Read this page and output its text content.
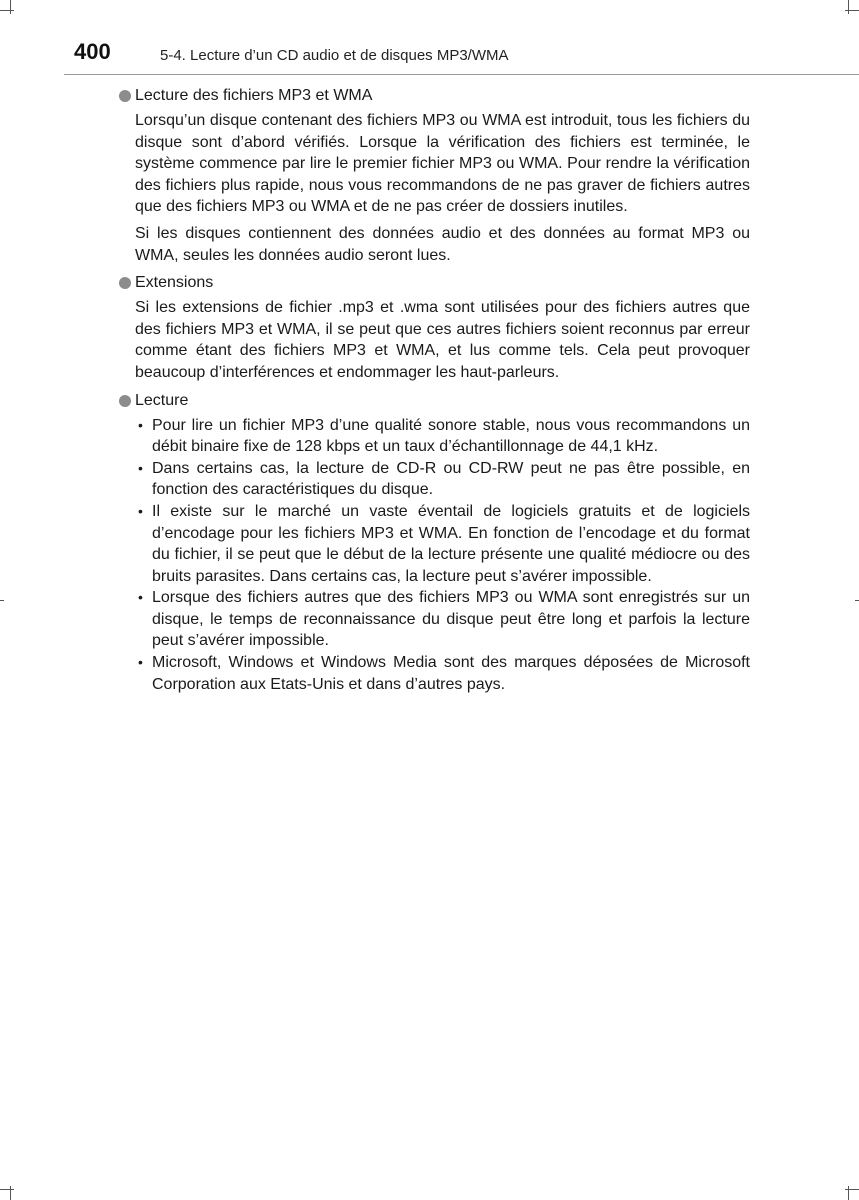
400	5-4. Lecture d’un CD audio et de disques MP3/WMA
Lecture des fichiers MP3 et WMA

Lorsqu’un disque contenant des fichiers MP3 ou WMA est introduit, tous les fichiers du disque sont d’abord vérifiés. Lorsque la vérification des fichiers est terminée, le système commence par lire le premier fichier MP3 ou WMA. Pour rendre la vérification des fichiers plus rapide, nous vous recommandons de ne pas graver de fichiers autres que des fichiers MP3 ou WMA et de ne pas créer de dossiers inutiles.

Si les disques contiennent des données audio et des données au format MP3 ou WMA, seules les données audio seront lues.

Extensions

Si les extensions de fichier .mp3 et .wma sont utilisées pour des fichiers autres que des fichiers MP3 et WMA, il se peut que ces autres fichiers soient reconnus par erreur comme étant des fichiers MP3 et WMA, et lus comme tels. Cela peut provoquer beaucoup d’interférences et endommager les haut-parleurs.

Lecture
• Pour lire un fichier MP3 d’une qualité sonore stable, nous vous recommandons un débit binaire fixe de 128 kbps et un taux d’échantillonnage de 44,1 kHz.
• Dans certains cas, la lecture de CD-R ou CD-RW peut ne pas être possible, en fonction des caractéristiques du disque.
• Il existe sur le marché un vaste éventail de logiciels gratuits et de logiciels d’encodage pour les fichiers MP3 et WMA. En fonction de l’encodage et du format du fichier, il se peut que le début de la lecture présente une qualité médiocre ou des bruits parasites. Dans certains cas, la lecture peut s’avérer impossible.
• Lorsque des fichiers autres que des fichiers MP3 ou WMA sont enregistrés sur un disque, le temps de reconnaissance du disque peut être long et parfois la lecture peut s’avérer impossible.
• Microsoft, Windows et Windows Media sont des marques déposées de Microsoft Corporation aux Etats-Unis et dans d’autres pays.
